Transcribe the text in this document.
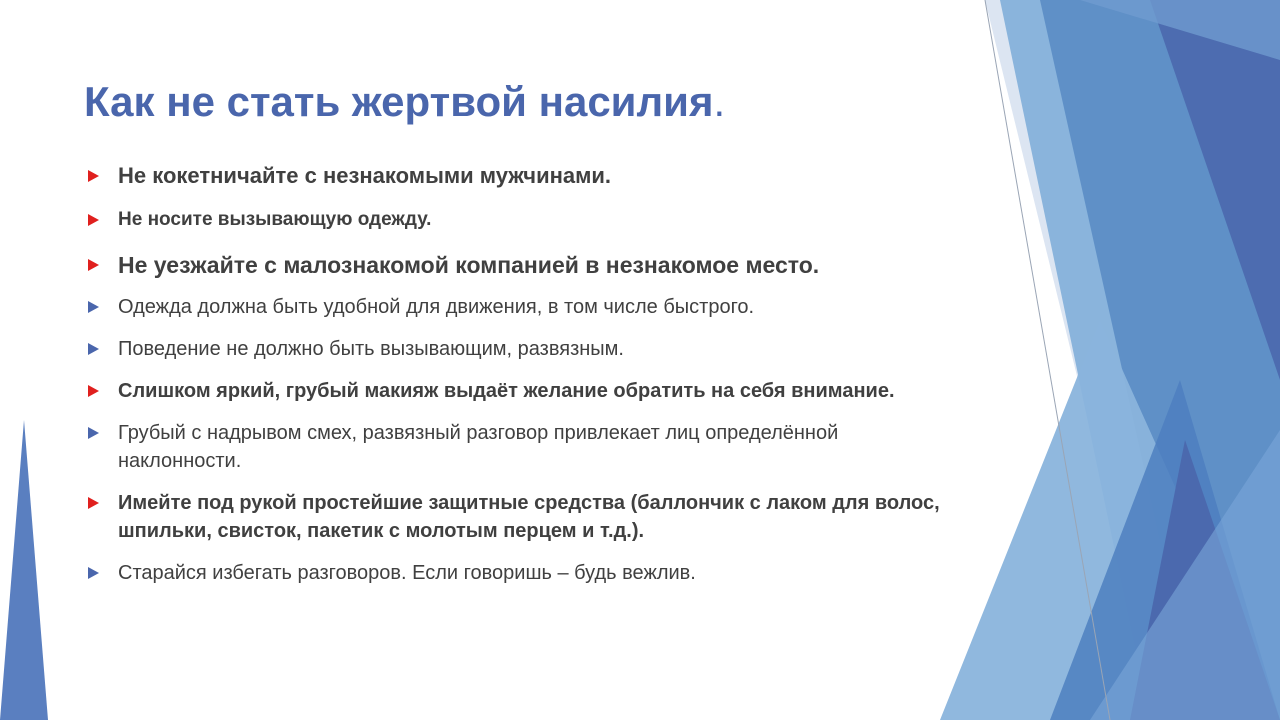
Как не стать жертвой насилия.
Не кокетничайте с незнакомыми мужчинами.
Не носите вызывающую одежду.
Не уезжайте с малознакомой компанией в незнакомое место.
Одежда должна быть удобной для движения, в том числе быстрого.
Поведение не должно быть вызывающим, развязным.
Слишком яркий, грубый макияж выдаёт желание обратить на себя внимание.
Грубый с надрывом смех, развязный разговор привлекает лиц определённой наклонности.
Имейте под рукой простейшие защитные средства (баллончик с лаком для волос, шпильки, свисток, пакетик с молотым перцем и т.д.).
Старайся избегать разговоров. Если говоришь – будь вежлив.
